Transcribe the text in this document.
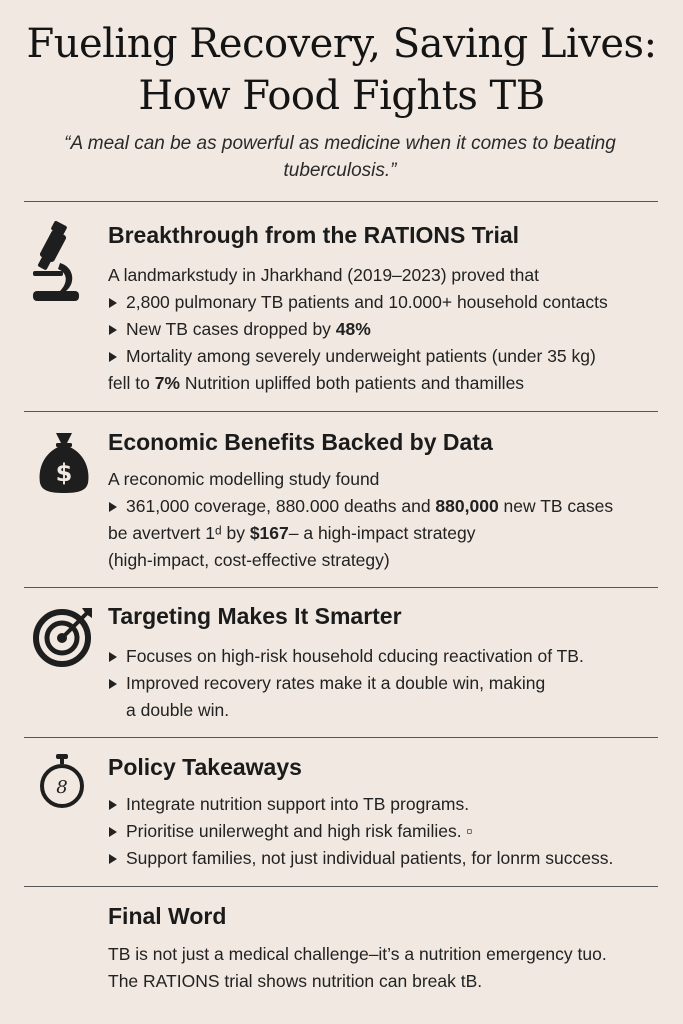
Fueling Recovery, Saving Lives:
How Food Fights TB
“A meal can be as powerful as medicine when it comes to beating tuberculosis.”
Breakthrough from the RATIONS Trial

A landmarkstudy in Jharkhand (2019–2023) proved that

2,800 pulmonary TB patients and 10.000+ household contacts
New TB cases dropped by 48%
Mortality among severely underweight patients (under 35 kg)
fell to 7% Nutrition upliffed both patients and thamilles
$
Economic Benefits Backed by Data

A reconomic modelling study found

361,000 coverage, 880.000 deaths and 880,000 new TB cases
be avertvert 1ᵈ by $167– a high-impact strategy
(high-impact, cost-effective strategy)
Targeting Makes It Smarter
Focuses on high-risk household cducing reactivation of TB.
Improved recovery rates make it a double win, making
a double win.
8
Policy Takeaways
Integrate nutrition support into TB programs.
Prioritise unilerweght and high risk families. ▫
Support families, not just individual patients, for lonrm success.
Final Word

TB is not just a medical challenge–it’s a nutrition emergency tuo.

The RATIONS trial shows nutrition can break tB.
